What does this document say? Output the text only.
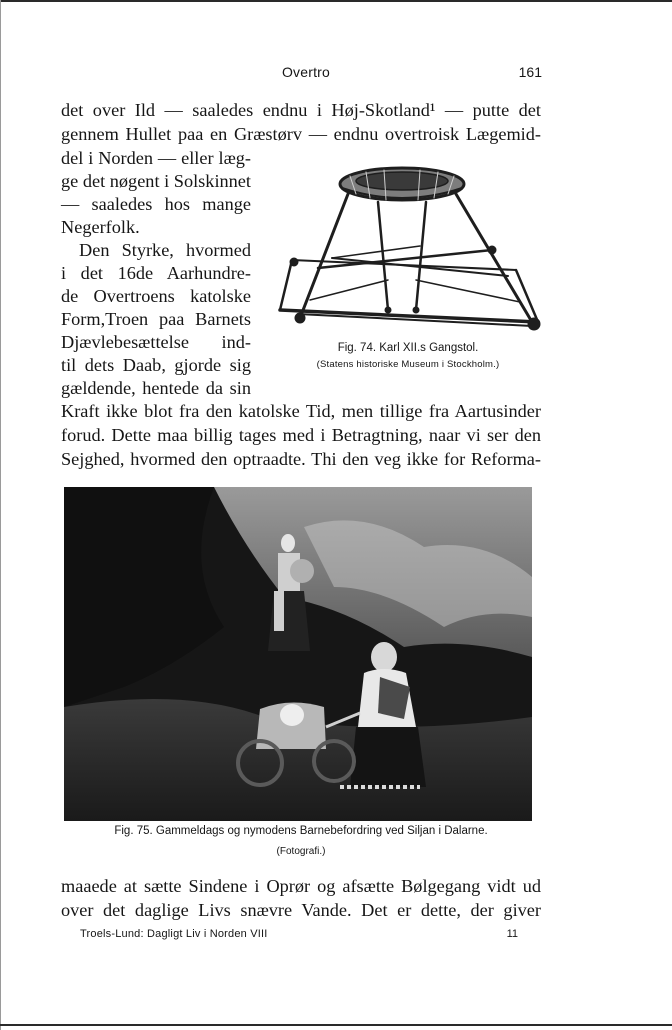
Overtro	161
det over Ild — saaledes endnu i Høj-Skotland¹ — putte det
gennem Hullet paa en Græstørv — endnu overtroisk Lægemid-
del i Norden — eller læg-
ge det nøgent i Solskinnet
— saaledes hos mange
Negerfolk.
Den Styrke, hvormed
i det 16de Aarhundre-
de Overtroens katolske
Form,Troen paa Barnets
Djævlebesættelse ind-
til dets Daab, gjorde sig
gældende, hentede da sin
Fig. 74. Karl XII.s Gangstol.
(Statens historiske Museum i Stockholm.)
Kraft ikke blot fra den katolske Tid, men tillige fra Aartusinder
forud. Dette maa billig tages med i Betragtning, naar vi ser den
Sejghed, hvormed den optraadte. Thi den veg ikke for Reforma-
Fig. 75. Gammeldags og nymodens Barnebefordring ved Siljan i Dalarne.
(Fotografi.)
maaede at sætte Sindene i Oprør og afsætte Bølgegang vidt ud
over det daglige Livs snævre Vande. Det er dette, der giver
Troels-Lund: Dagligt Liv i Norden VIII	11
